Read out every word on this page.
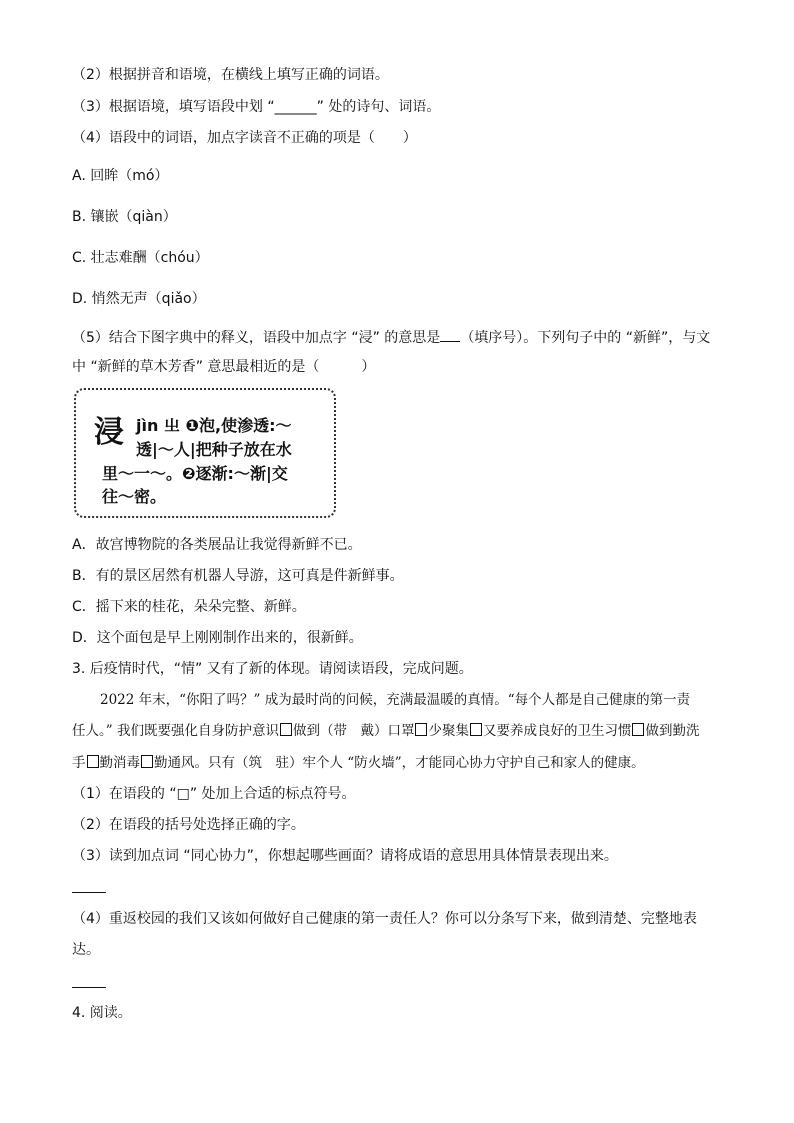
（2）根据拼音和语境，在横线上填写正确的词语。
（3）根据语境，填写语段中划 “______” 处的诗句、词语。
（4）语段中的词语，加点字读音不正确的项是（　　）
A. 回眸（mó）
B. 镶嵌（qiàn）
C. 壮志难酬（chóu）
D. 悄然无声（qiǎo）
（5）结合下图字典中的释义，语段中加点字 “浸” 的意思是 （填序号）。下列句子中的 “新鲜”，与文
中 “新鲜的草木芳香” 意思最相近的是（　　　）
浸 jìn 㞢 ❶泡,使渗透:～
透|～人|把种子放在水
里～一～。❷逐渐:～渐|交
往～密。
A．故宫博物院的各类展品让我觉得新鲜不已。
B．有的景区居然有机器人导游，这可真是件新鲜事。
C．摇下来的桂花，朵朵完整、新鲜。
D．这个面包是早上刚刚制作出来的，很新鲜。
3. 后疫情时代，“情” 又有了新的体现。请阅读语段，完成问题。
2022 年末，“你阳了吗？” 成为最时尚的问候，充满最温暖的真情。“每个人都是自己健康的第一责
任人。” 我们既要强化自身防护意识 做到（带　戴）口罩 少聚集 又要养成良好的卫生习惯 做到勤洗
手 勤消毒 勤通风。只有（筑　驻）牢个人 “防火墙”，才能同心协力守护自己和家人的健康。
（1）在语段的 “□” 处加上合适的标点符号。
（2）在语段的括号处选择正确的字。
（3）读到加点词 “同心协力”，你想起哪些画面？请将成语的意思用具体情景表现出来。
（4）重返校园的我们又该如何做好自己健康的第一责任人？你可以分条写下来，做到清楚、完整地表
达。
4. 阅读。
